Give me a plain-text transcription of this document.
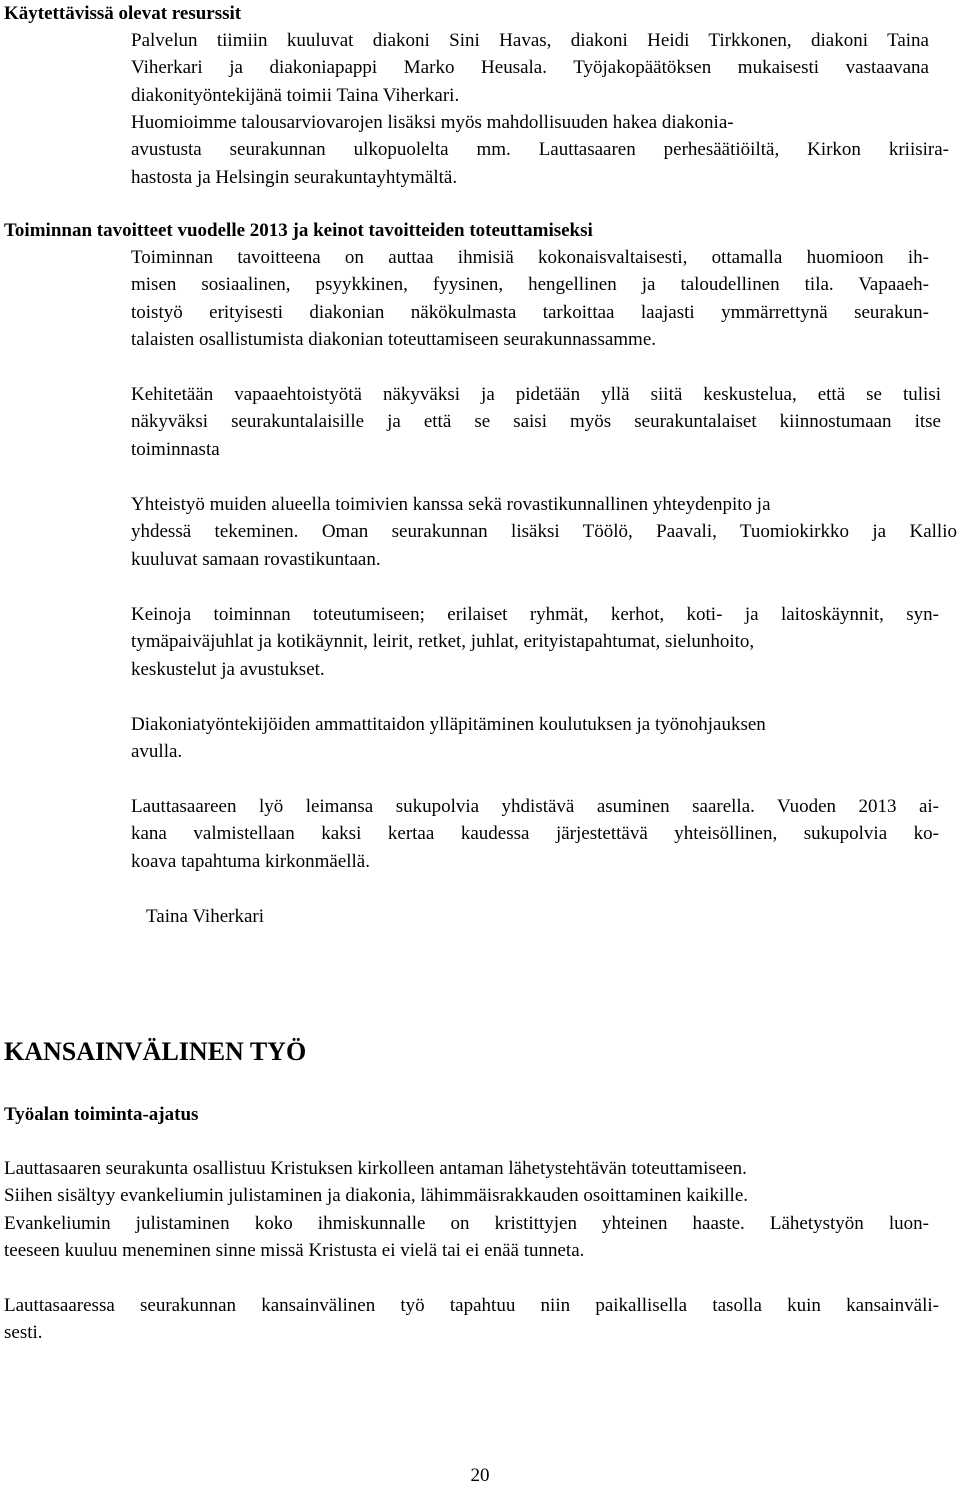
Käytettävissä olevat resurssit
Palvelun tiimiin kuuluvat diakoni Sini Havas, diakoni Heidi Tirkkonen, diakoni Taina
Viherkari ja diakoniapappi Marko Heusala. Työjakopäätöksen mukaisesti vastaavana
diakonityöntekijänä toimii Taina Viherkari.
Huomioimme talousarviovarojen lisäksi myös mahdollisuuden hakea diakonia-
avustusta seurakunnan ulkopuolelta mm. Lauttasaaren perhesäätiöiltä, Kirkon kriisira-
hastosta ja Helsingin seurakuntayhtymältä.
Toiminnan tavoitteet vuodelle 2013 ja keinot tavoitteiden toteuttamiseksi
Toiminnan tavoitteena on auttaa ihmisiä kokonaisvaltaisesti, ottamalla huomioon ih-
misen sosiaalinen, psyykkinen, fyysinen, hengellinen ja taloudellinen tila. Vapaaeh-
toistyö erityisesti diakonian näkökulmasta tarkoittaa laajasti ymmärrettynä seurakun-
talaisten osallistumista diakonian toteuttamiseen seurakunnassamme.
Kehitetään vapaaehtoistyötä näkyväksi ja pidetään yllä siitä keskustelua, että se tulisi
näkyväksi seurakuntalaisille ja että se saisi myös seurakuntalaiset kiinnostumaan itse
toiminnasta
Yhteistyö muiden alueella toimivien kanssa sekä rovastikunnallinen yhteydenpito ja
yhdessä tekeminen. Oman seurakunnan lisäksi Töölö, Paavali, Tuomiokirkko ja Kallio
kuuluvat samaan rovastikuntaan.
Keinoja toiminnan toteutumiseen; erilaiset ryhmät, kerhot, koti- ja laitoskäynnit, syn-
tymäpaiväjuhlat ja kotikäynnit, leirit, retket, juhlat, erityistapahtumat, sielunhoito,
keskustelut ja avustukset.
Diakoniatyöntekijöiden ammattitaidon ylläpitäminen koulutuksen ja työnohjauksen
avulla.
Lauttasaareen lyö leimansa sukupolvia yhdistävä asuminen saarella. Vuoden 2013 ai-
kana valmistellaan kaksi kertaa kaudessa järjestettävä yhteisöllinen, sukupolvia ko-
koava tapahtuma kirkonmäellä.
Taina Viherkari
KANSAINVÄLINEN TYÖ
Työalan toiminta-ajatus
Lauttasaaren seurakunta osallistuu Kristuksen kirkolleen antaman lähetystehtävän toteuttamiseen.
Siihen sisältyy evankeliumin julistaminen ja diakonia, lähimmäisrakkauden osoittaminen kaikille.
Evankeliumin julistaminen koko ihmiskunnalle on kristittyjen yhteinen haaste. Lähetystyön luon-
teeseen kuuluu meneminen sinne missä Kristusta ei vielä tai ei enää tunneta.
Lauttasaaressa seurakunnan kansainvälinen työ tapahtuu niin paikallisella tasolla kuin kansainväli-
sesti.
20
